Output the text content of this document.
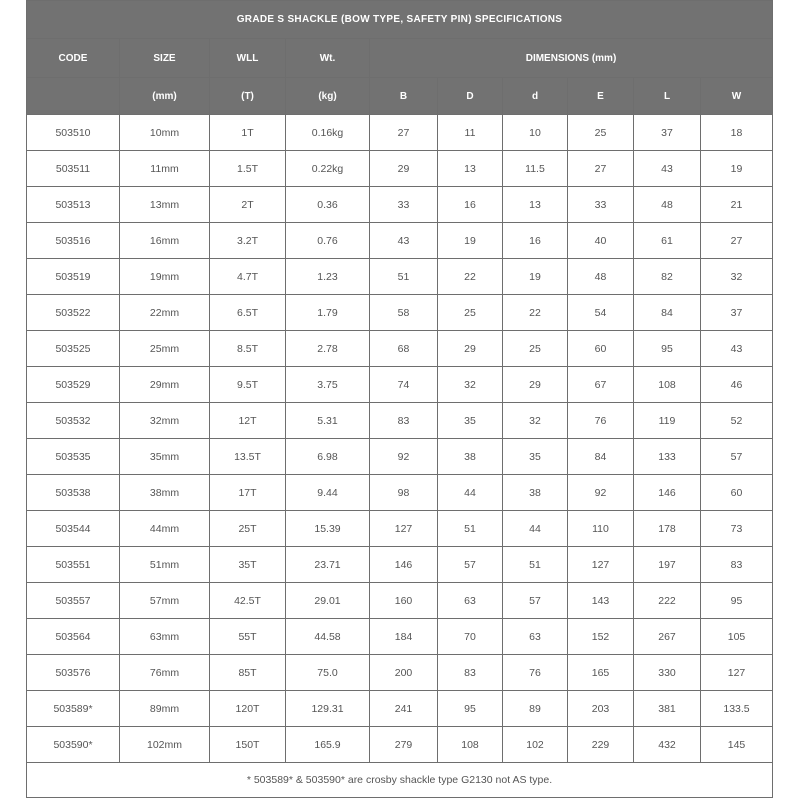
GRADE S SHACKLE (BOW TYPE, SAFETY PIN) SPECIFICATIONS									
CODE	SIZE	WLL	Wt.	DIMENSIONS (mm)					
	(mm)	(T)	(kg)	B	D	d	E	L	W
503510	10mm	1T	0.16kg	27	11	10	25	37	18
503511	11mm	1.5T	0.22kg	29	13	11.5	27	43	19
503513	13mm	2T	0.36	33	16	13	33	48	21
503516	16mm	3.2T	0.76	43	19	16	40	61	27
503519	19mm	4.7T	1.23	51	22	19	48	82	32
503522	22mm	6.5T	1.79	58	25	22	54	84	37
503525	25mm	8.5T	2.78	68	29	25	60	95	43
503529	29mm	9.5T	3.75	74	32	29	67	108	46
503532	32mm	12T	5.31	83	35	32	76	119	52
503535	35mm	13.5T	6.98	92	38	35	84	133	57
503538	38mm	17T	9.44	98	44	38	92	146	60
503544	44mm	25T	15.39	127	51	44	110	178	73
503551	51mm	35T	23.71	146	57	51	127	197	83
503557	57mm	42.5T	29.01	160	63	57	143	222	95
503564	63mm	55T	44.58	184	70	63	152	267	105
503576	76mm	85T	75.0	200	83	76	165	330	127
503589*	89mm	120T	129.31	241	95	89	203	381	133.5
503590*	102mm	150T	165.9	279	108	102	229	432	145
* 503589* & 503590* are crosby shackle type G2130 not AS type.									
